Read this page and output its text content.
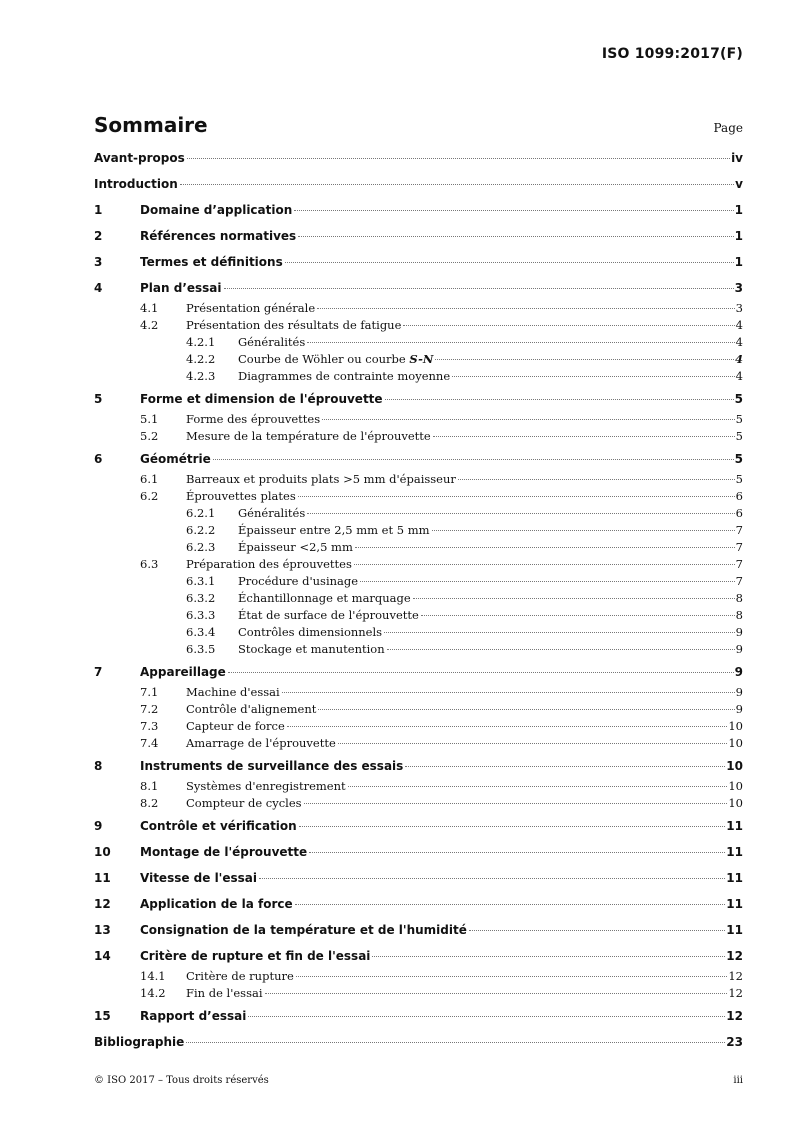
ISO 1099:2017(F)
Sommaire	Page
Avant-propos	iv
Introduction	v
1	Domaine d’application	1
2	Références normatives	1
3	Termes et définitions	1
4	Plan d’essai	3
4.1	Présentation générale	3
4.2	Présentation des résultats de fatigue	4
4.2.1	Généralités	4
4.2.2	Courbe de Wöhler ou courbe S-N	4
4.2.3	Diagrammes de contrainte moyenne	4
5	Forme et dimension de l'éprouvette	5
5.1	Forme des éprouvettes	5
5.2	Mesure de la température de l'éprouvette	5
6	Géométrie	5
6.1	Barreaux et produits plats >5 mm d'épaisseur	5
6.2	Éprouvettes plates	6
6.2.1	Généralités	6
6.2.2	Épaisseur entre 2,5 mm et 5 mm	7
6.2.3	Épaisseur <2,5 mm	7
6.3	Préparation des éprouvettes	7
6.3.1	Procédure d'usinage	7
6.3.2	Échantillonnage et marquage	8
6.3.3	État de surface de l'éprouvette	8
6.3.4	Contrôles dimensionnels	9
6.3.5	Stockage et manutention	9
7	Appareillage	9
7.1	Machine d'essai	9
7.2	Contrôle d'alignement	9
7.3	Capteur de force	10
7.4	Amarrage de l'éprouvette	10
8	Instruments de surveillance des essais	10
8.1	Systèmes d'enregistrement	10
8.2	Compteur de cycles	10
9	Contrôle et vérification	11
10	Montage de l'éprouvette	11
11	Vitesse de l'essai	11
12	Application de la force	11
13	Consignation de la température et de l'humidité	11
14	Critère de rupture et fin de l'essai	12
14.1	Critère de rupture	12
14.2	Fin de l'essai	12
15	Rapport d’essai	12
Bibliographie	23
© ISO 2017 – Tous droits réservés	iii
